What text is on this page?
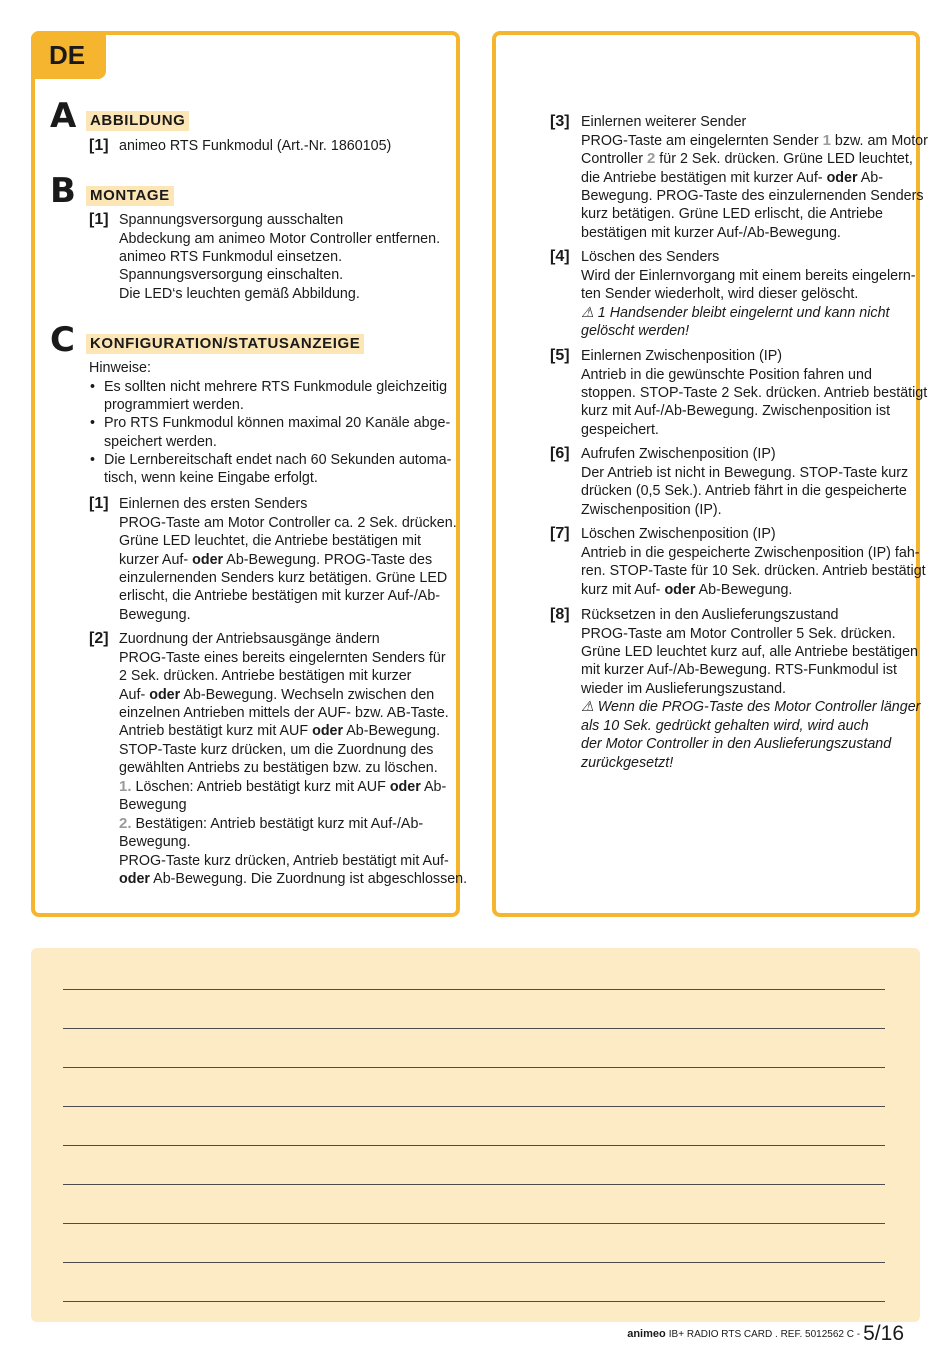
DE
A ABBILDUNG
[1] animeo RTS Funkmodul (Art.-Nr. 1860105)
B MONTAGE
[1] Spannungsversorgung ausschalten
Abdeckung am animeo Motor Controller entfernen.
animeo RTS Funkmodul einsetzen.
Spannungsversorgung einschalten.
Die LED‘s leuchten gemäß Abbildung.
C KONFIGURATION/STATUSANZEIGE
Hinweise:
• Es sollten nicht mehrere RTS Funkmodule gleichzeitig
programmiert werden.
• Pro RTS Funkmodul können maximal 20 Kanäle abge-
speichert werden.
• Die Lernbereitschaft endet nach 60 Sekunden automa-
tisch, wenn keine Eingabe erfolgt.
[1] Einlernen des ersten Senders
PROG-Taste am Motor Controller ca. 2 Sek. drücken.
Grüne LED leuchtet, die Antriebe bestätigen mit
kurzer Auf- oder Ab-Bewegung. PROG-Taste des
einzulernenden Senders kurz betätigen. Grüne LED
erlischt, die Antriebe bestätigen mit kurzer Auf-/Ab-
Bewegung.
[2] Zuordnung der Antriebsausgänge ändern
PROG-Taste eines bereits eingelernten Senders für
2 Sek. drücken. Antriebe bestätigen mit kurzer
Auf- oder Ab-Bewegung. Wechseln zwischen den
einzelnen Antrieben mittels der AUF- bzw. AB-Taste.
Antrieb bestätigt kurz mit AUF oder Ab-Bewegung.
STOP-Taste kurz drücken, um die Zuordnung des
gewählten Antriebs zu bestätigen bzw. zu löschen.
1. Löschen: Antrieb bestätigt kurz mit AUF oder Ab-
Bewegung
2. Bestätigen: Antrieb bestätigt kurz mit Auf-/Ab-
Bewegung.
PROG-Taste kurz drücken, Antrieb bestätigt mit Auf-
oder Ab-Bewegung. Die Zuordnung ist abgeschlossen.
[3] Einlernen weiterer Sender
PROG-Taste am eingelernten Sender 1 bzw. am Motor
Controller 2 für 2 Sek. drücken. Grüne LED leuchtet,
die Antriebe bestätigen mit kurzer Auf- oder Ab-
Bewegung. PROG-Taste des einzulernenden Senders
kurz betätigen. Grüne LED erlischt, die Antriebe
bestätigen mit kurzer Auf-/Ab-Bewegung.
[4] Löschen des Senders
Wird der Einlernvorgang mit einem bereits eingelern-
ten Sender wiederholt, wird dieser gelöscht.
⚠ 1 Handsender bleibt eingelernt und kann nicht
gelöscht werden!
[5] Einlernen Zwischenposition (IP)
Antrieb in die gewünschte Position fahren und
stoppen. STOP-Taste 2 Sek. drücken. Antrieb bestätigt
kurz mit Auf-/Ab-Bewegung. Zwischenposition ist
gespeichert.
[6] Aufrufen Zwischenposition (IP)
Der Antrieb ist nicht in Bewegung. STOP-Taste kurz
drücken (0,5 Sek.). Antrieb fährt in die gespeicherte
Zwischenposition (IP).
[7] Löschen Zwischenposition (IP)
Antrieb in die gespeicherte Zwischenposition (IP) fah-
ren. STOP-Taste für 10 Sek. drücken. Antrieb bestätigt
kurz mit Auf- oder Ab-Bewegung.
[8] Rücksetzen in den Auslieferungszustand
PROG-Taste am Motor Controller 5 Sek. drücken.
Grüne LED leuchtet kurz auf, alle Antriebe bestätigen
mit kurzer Auf-/Ab-Bewegung. RTS-Funkmodul ist
wieder im Auslieferungszustand.
⚠ Wenn die PROG-Taste des Motor Controller länger
als 10 Sek. gedrückt gehalten wird, wird auch
der Motor Controller in den Auslieferungszustand
zurückgesetzt!
animeo IB+ RADIO RTS CARD . REF. 5012562 C - 5/16
